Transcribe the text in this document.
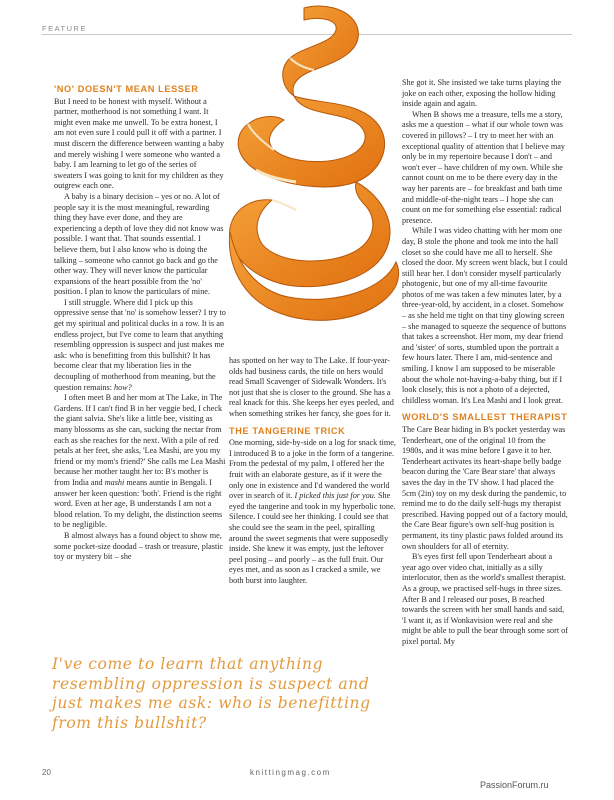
FEATURE
'NO' DOESN'T MEAN LESSER

But I need to be honest with myself. Without a partner, motherhood is not something I want. It might even make me unwell. To be extra honest, I am not even sure I could pull it off with a partner. I must discern the difference between wanting a baby and merely wishing I were someone who wanted a baby. I am learning to let go of the series of sweaters I was going to knit for my children as they outgrew each one.

A baby is a binary decision – yes or no. A lot of people say it is the most meaningful, rewarding thing they have ever done, and they are experiencing a depth of love they did not know was possible. I want that. That sounds essential. I believe them, but I also know who is doing the talking – someone who cannot go back and go the other way. They will never know the particular expansions of the heart possible from the 'no' position. I plan to know the particulars of mine.

I still struggle. Where did I pick up this oppressive sense that 'no' is somehow lesser? I try to get my spiritual and political ducks in a row. It is an endless project, but I've come to learn that anything resembling oppression is suspect and just makes me ask: who is benefitting from this bullshit? It has become clear that my liberation lies in the decoupling of motherhood from meaning, but the question remains: how?

I often meet B and her mom at The Lake, in The Gardens. If I can't find B in her veggie bed, I check the giant salvia. She's like a little bee, visiting as many blossoms as she can, sucking the nectar from each as she reaches for the next. With a pile of red petals at her feet, she asks, 'Lea Mashi, are you my friend or my mom's friend?' She calls me Lea Mashi because her mother taught her to: B's mother is from India and mashi means auntie in Bengali. I answer her keen question: 'both'. Friend is the right word. Even at her age, B understands I am not a blood relation. To my delight, the distinction seems to be negligible.

B almost always has a found object to show me, some pocket-size doodad – trash or treasure, plastic toy or mystery bit – she

has spotted on her way to The Lake. If four-year-olds had business cards, the title on hers would read Small Scavenger of Sidewalk Wonders. It's not just that she is closer to the ground. She has a real knack for this. She keeps her eyes peeled, and when something strikes her fancy, she goes for it.

THE TANGERINE TRICK

One morning, side-by-side on a log for snack time, I introduced B to a joke in the form of a tangerine. From the pedestal of my palm, I offered her the fruit with an elaborate gesture, as if it were the only one in existence and I'd wandered the world over in search of it. I picked this just for you. She eyed the tangerine and took in my hyperbolic tone. Silence. I could see her thinking. I could see that she could see the seam in the peel, spiralling around the sweet segments that were supposedly inside. She knew it was empty, just the leftover peel posing – and poorly – as the full fruit. Our eyes met, and as soon as I cracked a smile, we both burst into laughter.

She got it. She insisted we take turns playing the joke on each other, exposing the hollow hiding inside again and again.

When B shows me a treasure, tells me a story, asks me a question – what if our whole town was covered in pillows? – I try to meet her with an exceptional quality of attention that I believe may only be in my repertoire because I don't – and won't ever – have children of my own. While she cannot count on me to be there every day in the way her parents are – for breakfast and bath time and middle-of-the-night tears – I hope she can count on me for something else essential: radical presence.

While I was video chatting with her mom one day, B stole the phone and took me into the hall closet so she could have me all to herself. She closed the door. My screen went black, but I could still hear her. I don't consider myself particularly photogenic, but one of my all-time favourite photos of me was taken a few minutes later, by a three-year-old, by accident, in a closet. Somehow – as she held me tight on that tiny glowing screen – she managed to squeeze the sequence of buttons that takes a screenshot. Her mom, my dear friend and 'sister' of sorts, stumbled upon the portrait a few hours later. There I am, mid-sentence and smiling. I know I am supposed to be miserable about the whole not-having-a-baby thing, but if I look closely, this is not a photo of a dejected, childless woman. It's Lea Mashi and I look great.

WORLD'S SMALLEST THERAPIST

The Care Bear hiding in B's pocket yesterday was Tenderheart, one of the original 10 from the 1980s, and it was mine before I gave it to her. Tenderheart activates its heart-shape belly badge beacon during the 'Care Bear stare' that always saves the day in the TV show. I had placed the 5cm (2in) toy on my desk during the pandemic, to remind me to do the daily self-hugs my therapist prescribed. Having popped out of a factory mould, the Care Bear figure's own self-hug position is permanent, its tiny plastic paws folded around its own shoulders for all of eternity.

B's eyes first fell upon Tenderheart about a year ago over video chat, initially as a silly interlocutor, then as the world's smallest therapist. As a group, we practised self-hugs in three sizes. After B and I released our poses, B reached towards the screen with her small hands and said, 'I want it, as if Wonkavision were real and she might be able to pull the bear through some sort of pixel portal. My

I've come to learn that anything resembling oppression is suspect and just makes me ask: who is benefitting from this bullshit?
20	knittingmag.com
PassionForum.ru
